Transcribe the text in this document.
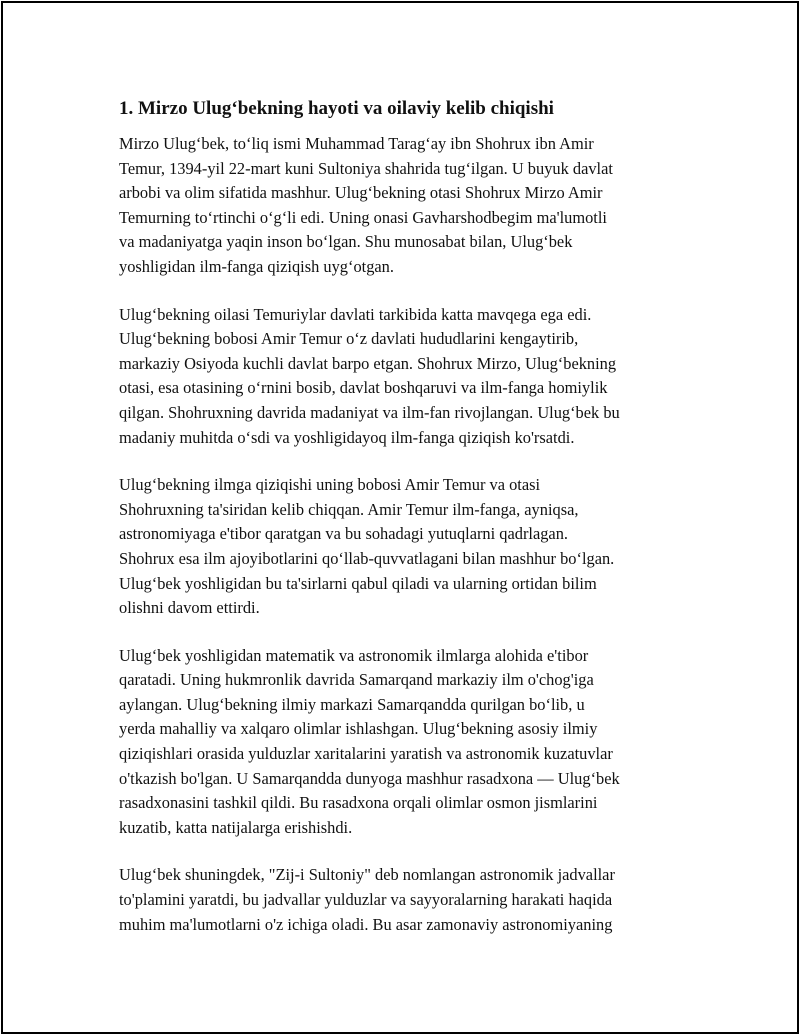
1. Mirzo Ulug‘bekning hayoti va oilaviy kelib chiqishi

Mirzo Ulug‘bek, to‘liq ismi Muhammad Tarag‘ay ibn Shohrux ibn Amir
Temur, 1394-yil 22-mart kuni Sultoniya shahrida tug‘ilgan. U buyuk davlat
arbobi va olim sifatida mashhur. Ulug‘bekning otasi Shohrux Mirzo Amir
Temurning to‘rtinchi o‘g‘li edi. Uning onasi Gavharshodbegim ma'lumotli
va madaniyatga yaqin inson bo‘lgan. Shu munosabat bilan, Ulug‘bek
yoshligidan ilm-fanga qiziqish uyg‘otgan.

Ulug‘bekning oilasi Temuriylar davlati tarkibida katta mavqega ega edi.
Ulug‘bekning bobosi Amir Temur o‘z davlati hududlarini kengaytirib,
markaziy Osiyoda kuchli davlat barpo etgan. Shohrux Mirzo, Ulug‘bekning
otasi, esa otasining o‘rnini bosib, davlat boshqaruvi va ilm-fanga homiylik
qilgan. Shohruxning davrida madaniyat va ilm-fan rivojlangan. Ulug‘bek bu
madaniy muhitda o‘sdi va yoshligidayoq ilm-fanga qiziqish ko'rsatdi.

Ulug‘bekning ilmga qiziqishi uning bobosi Amir Temur va otasi
Shohruxning ta'siridan kelib chiqqan. Amir Temur ilm-fanga, ayniqsa,
astronomiyaga e'tibor qaratgan va bu sohadagi yutuqlarni qadrlagan.
Shohrux esa ilm ajoyibotlarini qo‘llab-quvvatlagani bilan mashhur bo‘lgan.
Ulug‘bek yoshligidan bu ta'sirlarni qabul qiladi va ularning ortidan bilim
olishni davom ettirdi.

Ulug‘bek yoshligidan matematik va astronomik ilmlarga alohida e'tibor
qaratadi. Uning hukmronlik davrida Samarqand markaziy ilm o'chog'iga
aylangan. Ulug‘bekning ilmiy markazi Samarqandda qurilgan bo‘lib, u
yerda mahalliy va xalqaro olimlar ishlashgan. Ulug‘bekning asosiy ilmiy
qiziqishlari orasida yulduzlar xaritalarini yaratish va astronomik kuzatuvlar
o'tkazish bo'lgan. U Samarqandda dunyoga mashhur rasadxona — Ulug‘bek
rasadxonasini tashkil qildi. Bu rasadxona orqali olimlar osmon jismlarini
kuzatib, katta natijalarga erishishdi.

Ulug‘bek shuningdek, "Zij-i Sultoniy" deb nomlangan astronomik jadvallar
to'plamini yaratdi, bu jadvallar yulduzlar va sayyoralarning harakati haqida
muhim ma'lumotlarni o'z ichiga oladi. Bu asar zamonaviy astronomiyaning
